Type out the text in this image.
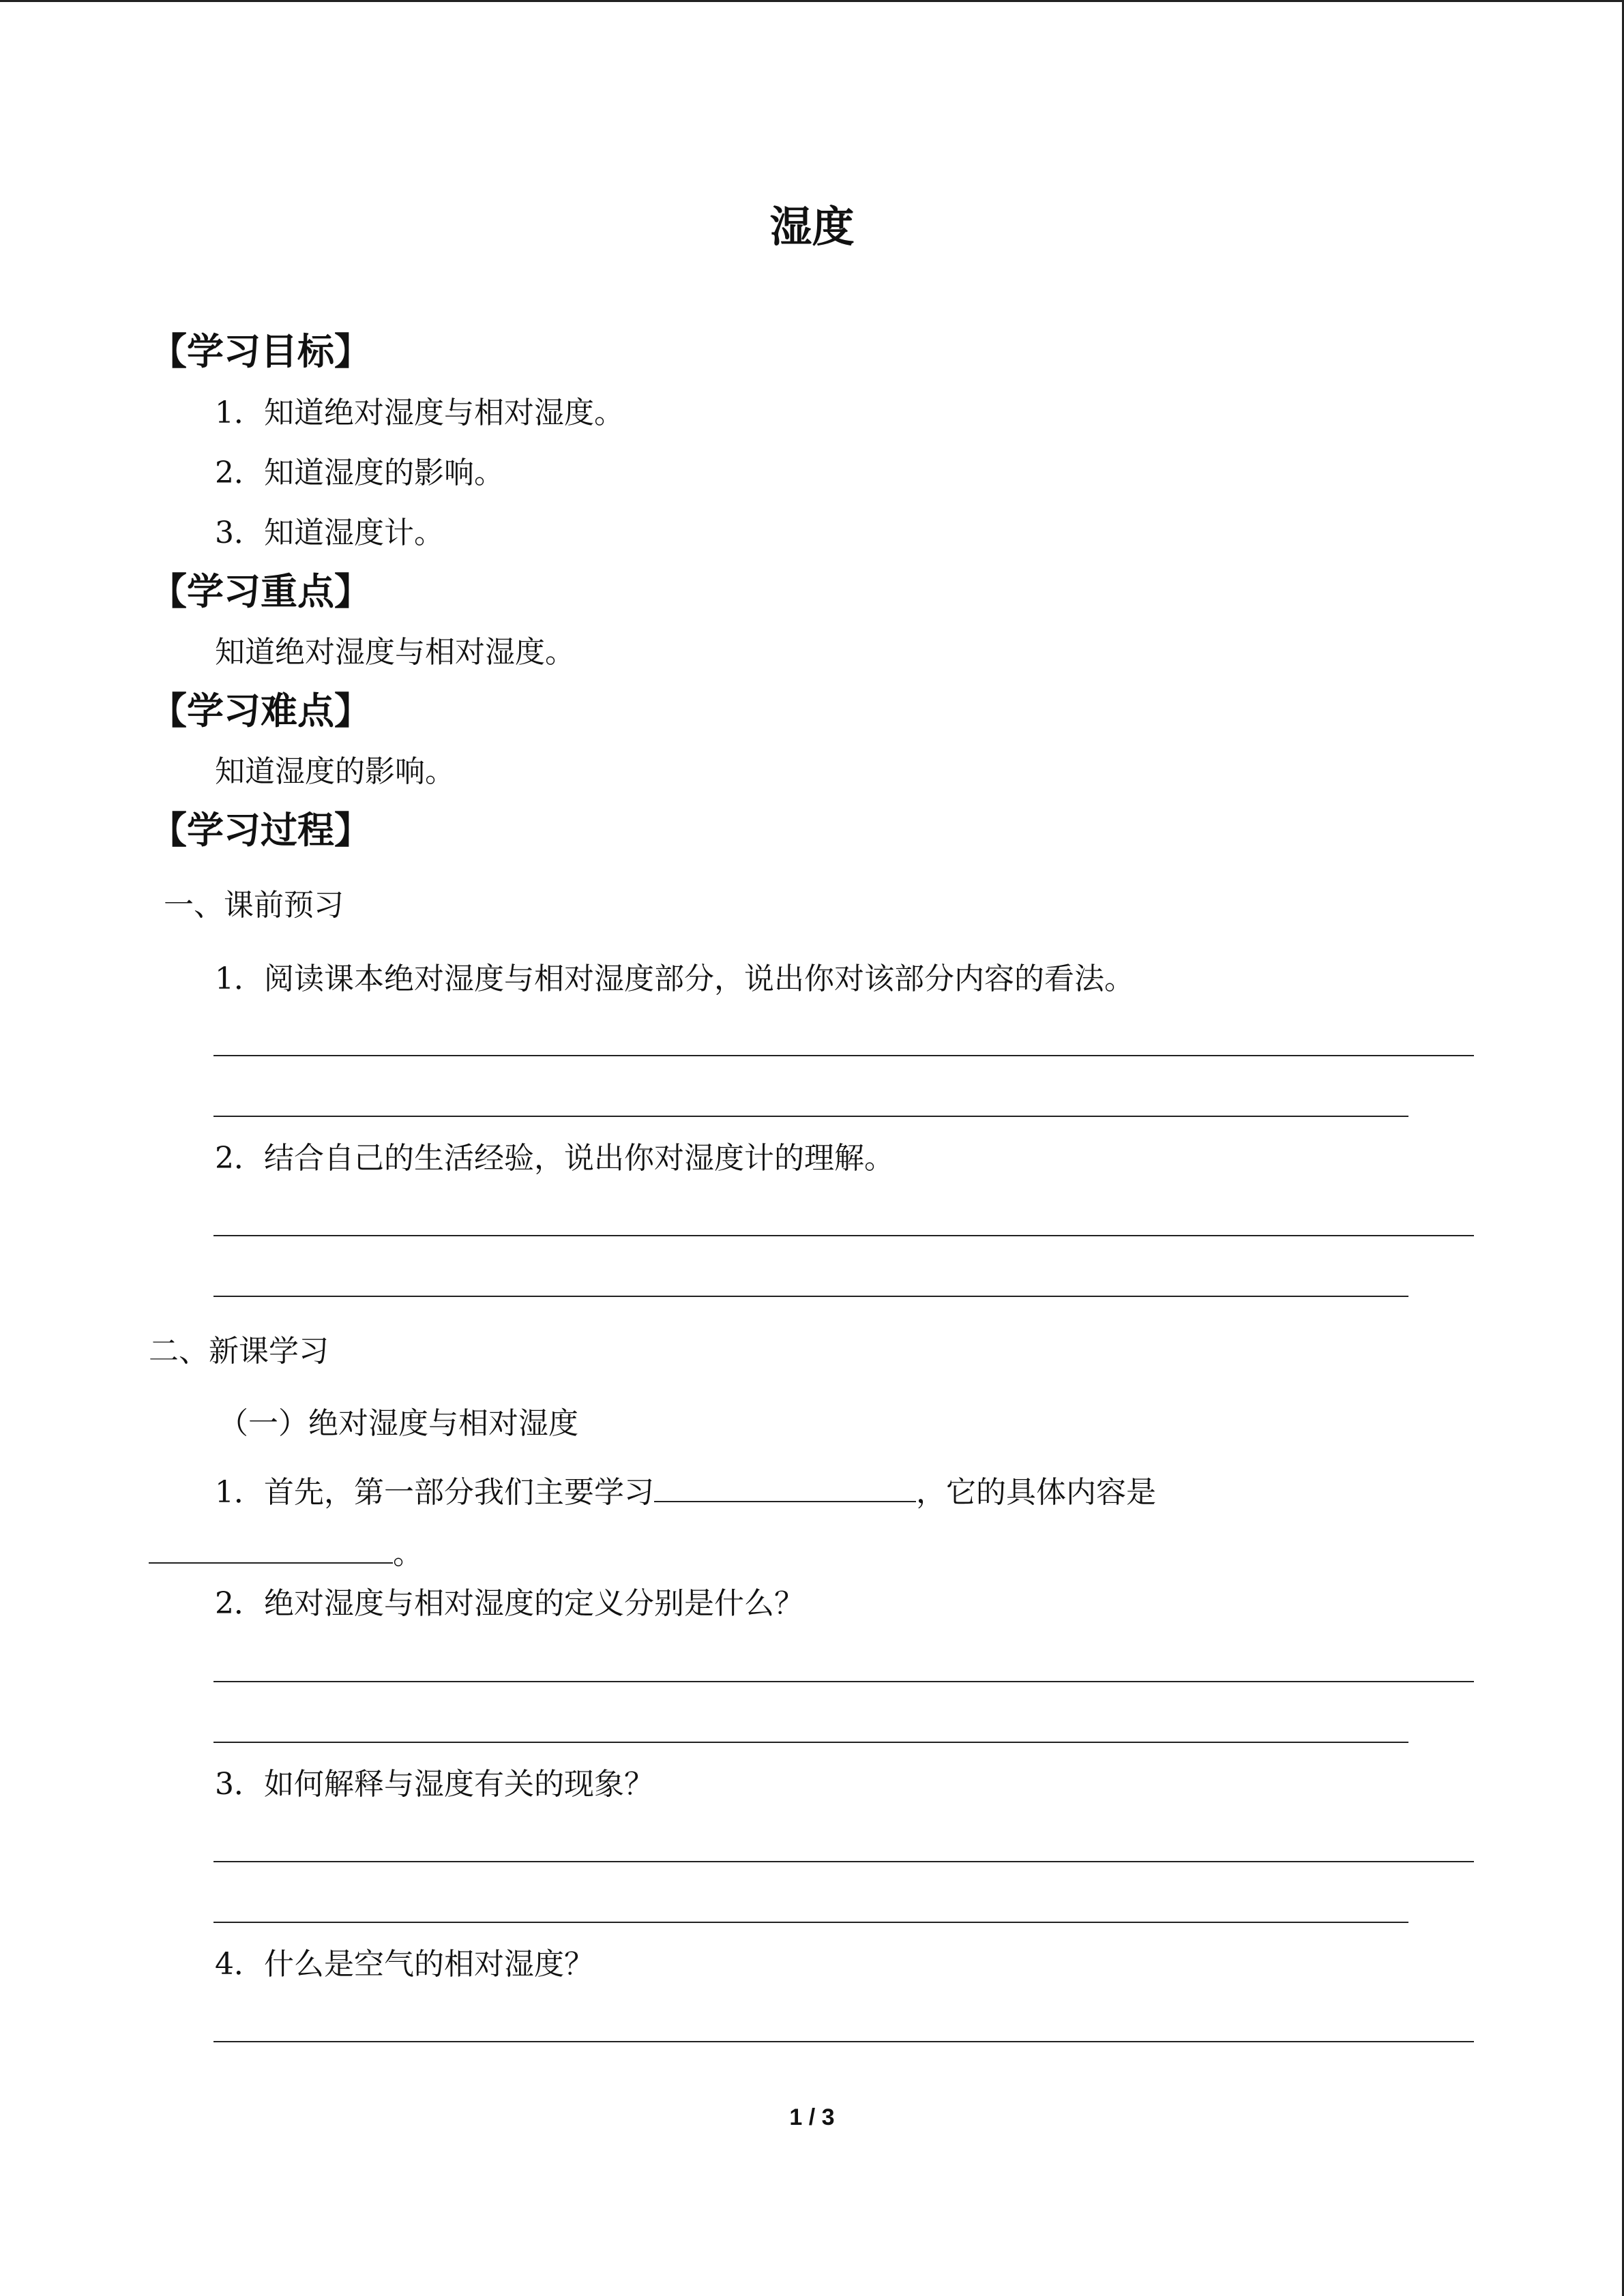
湿度
【学习目标】
1．知道绝对湿度与相对湿度。
2．知道湿度的影响。
3．知道湿度计。
【学习重点】
知道绝对湿度与相对湿度。
【学习难点】
知道湿度的影响。
【学习过程】
一、课前预习
1．阅读课本绝对湿度与相对湿度部分，说出你对该部分内容的看法。
2．结合自己的生活经验，说出你对湿度计的理解。
二、新课学习
（一）绝对湿度与相对湿度
1．首先，第一部分我们主要学习	，它的具体内容是
。
2．绝对湿度与相对湿度的定义分别是什么？
3．如何解释与湿度有关的现象？
4．什么是空气的相对湿度？
1 / 3
